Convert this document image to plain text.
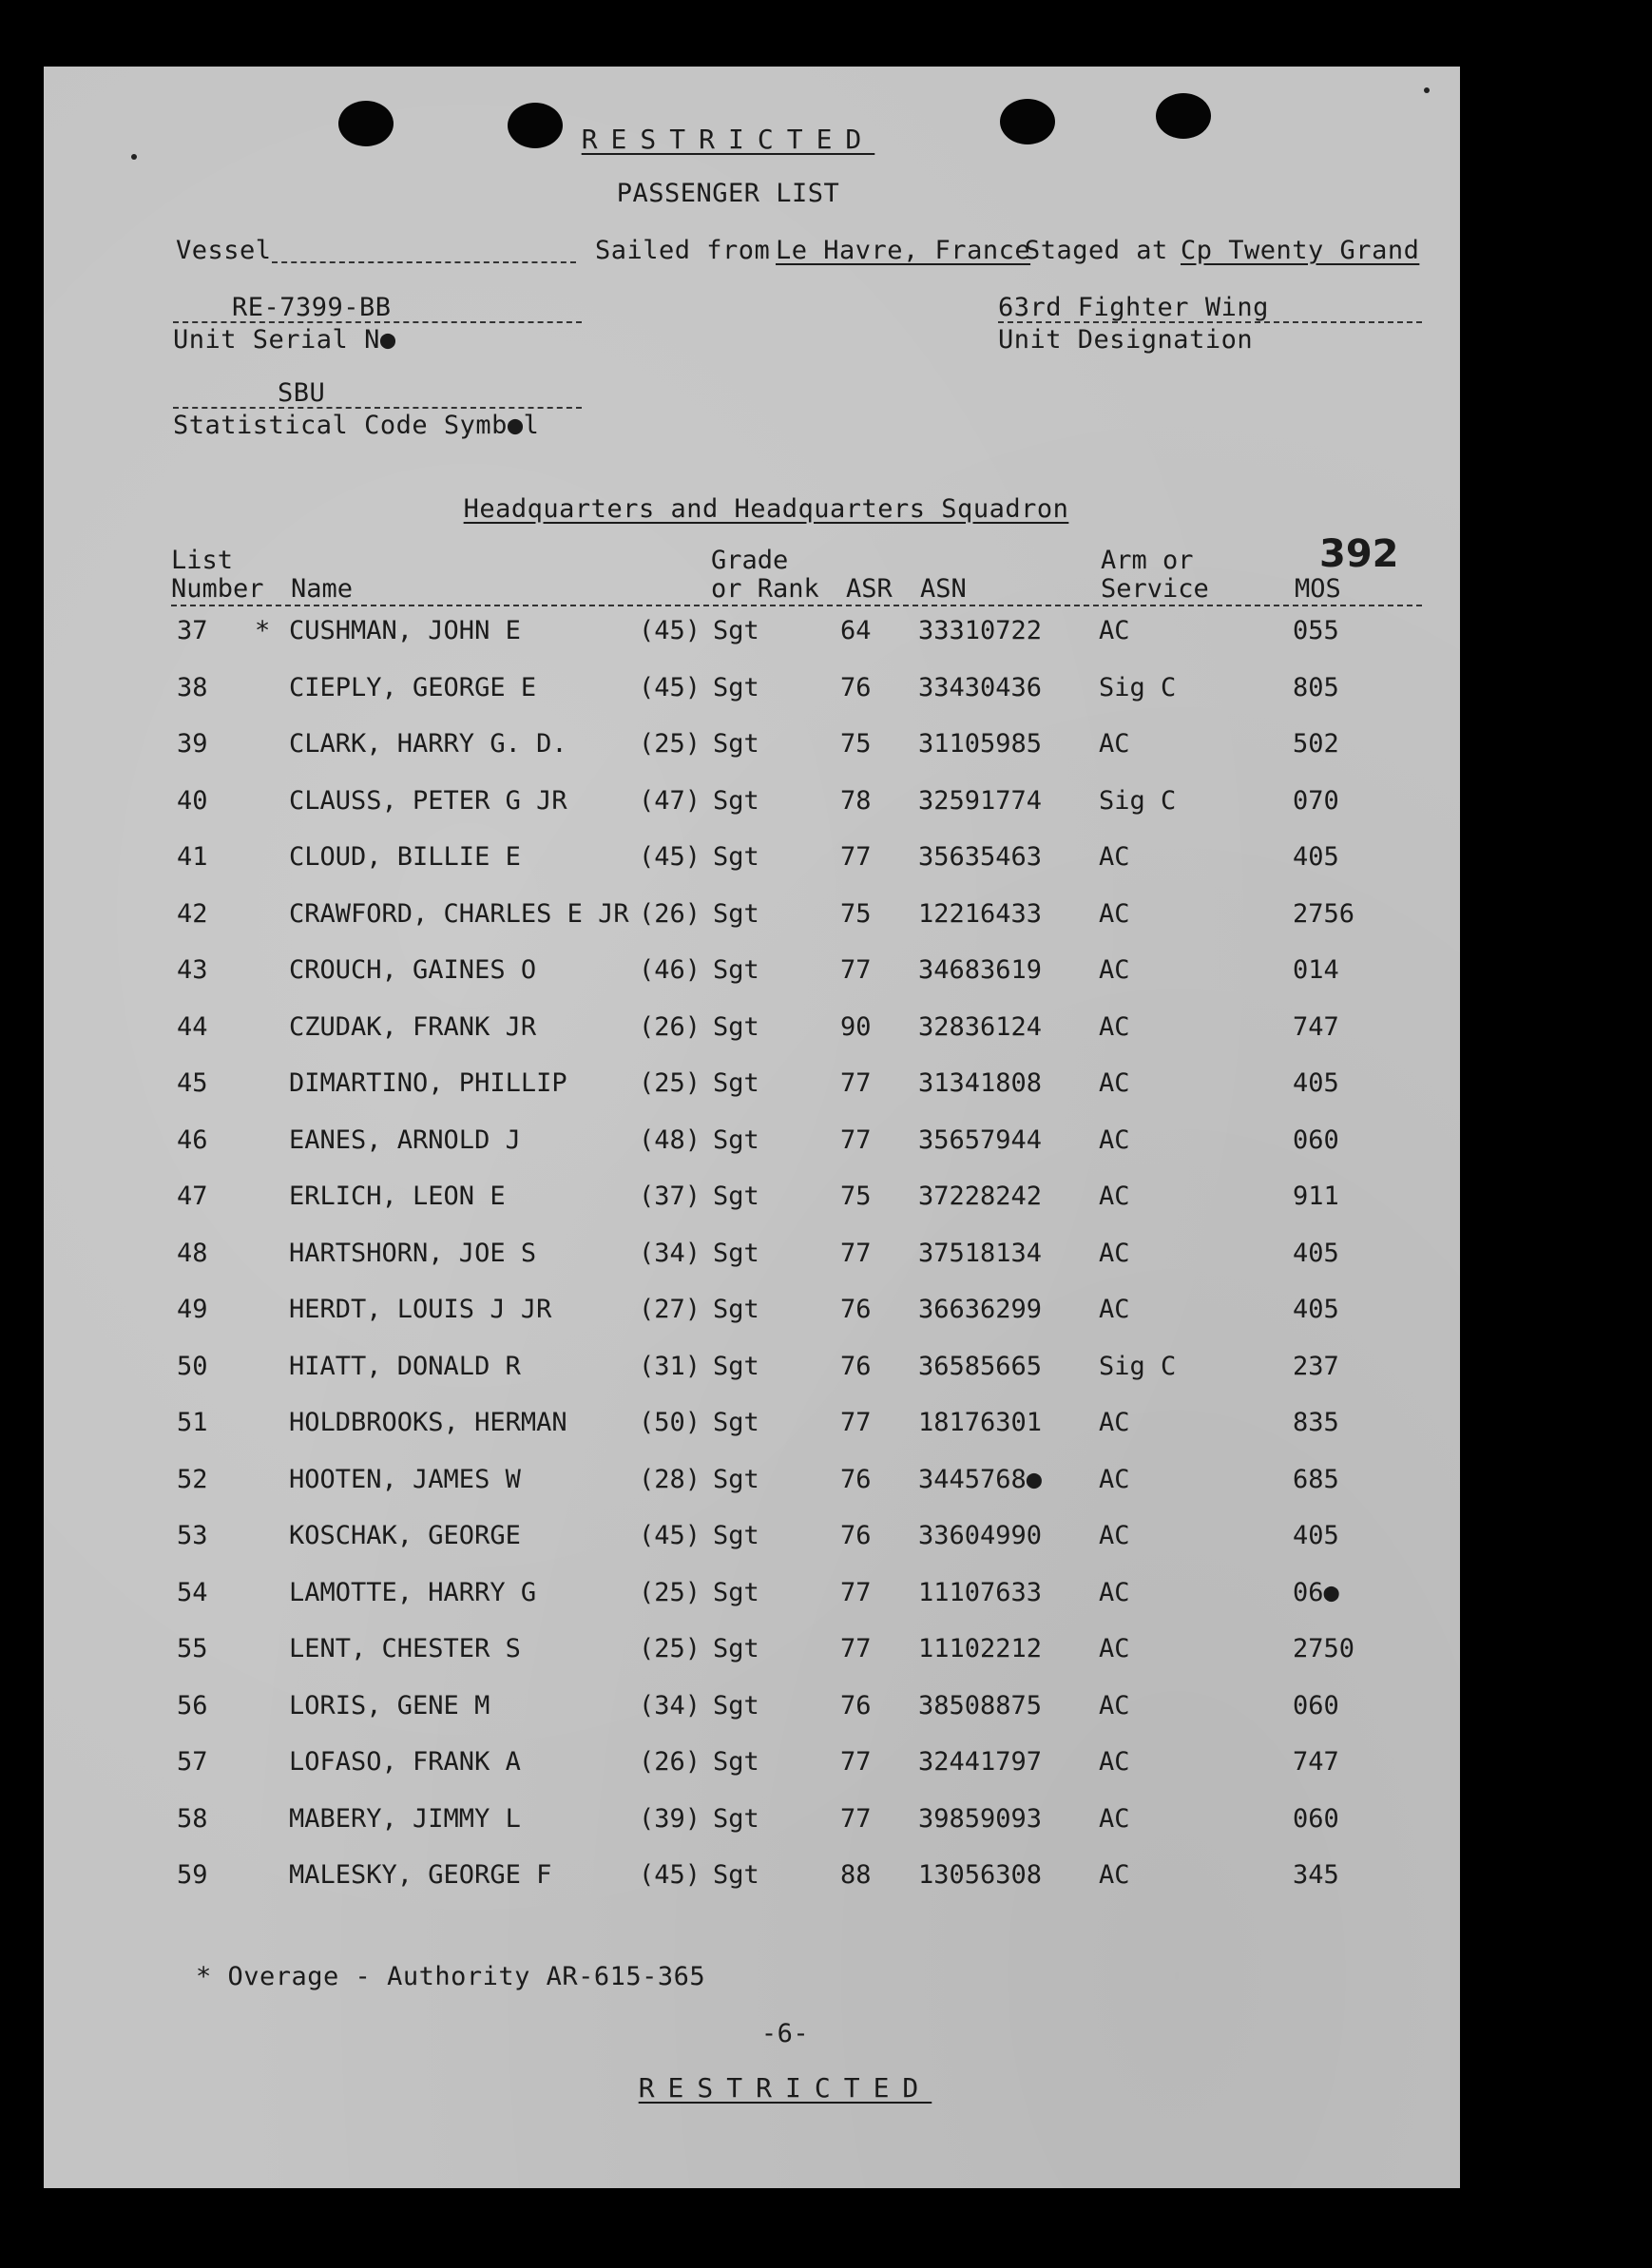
RESTRICTED
PASSENGER LIST
Vessel	Sailed from Le Havre, France
Staged at Cp Twenty Grand
RE-7399-BB
Unit Serial N●
63rd Fighter Wing
Unit Designation
SBU
Statistical Code Symb●l
Headquarters and Headquarters Squadron
392
List
Number Name
Grade
or Rank ASR ASN
Arm or
Service	MOS
37 * CUSHMAN, JOHN E	(45) Sgt	64 33310722 AC	055
38	CIEPLY, GEORGE E	(45) Sgt	76 33430436 Sig C	805
39	CLARK, HARRY G. D.	(25) Sgt	75 31105985 AC	502
40	CLAUSS, PETER G JR	(47) Sgt	78 32591774 Sig C	070
41	CLOUD, BILLIE E	(45) Sgt	77 35635463 AC	405
42	CRAWFORD, CHARLES E JR (26) Sgt	75 12216433 AC	2756
43	CROUCH, GAINES O	(46) Sgt	77 34683619 AC	014
44	CZUDAK, FRANK JR	(26) Sgt	90 32836124 AC	747
45	DIMARTINO, PHILLIP	(25) Sgt	77 31341808 AC	405
46	EANES, ARNOLD J	(48) Sgt	77 35657944 AC	060
47	ERLICH, LEON E	(37) Sgt	75 37228242 AC	911
48	HARTSHORN, JOE S	(34) Sgt	77 37518134 AC	405
49	HERDT, LOUIS J JR	(27) Sgt	76 36636299 AC	405
50	HIATT, DONALD R	(31) Sgt	76 36585665 Sig C	237
51	HOLDBROOKS, HERMAN	(50) Sgt	77 18176301 AC	835
52	HOOTEN, JAMES W	(28) Sgt	76 3445768● AC	685
53	KOSCHAK, GEORGE	(45) Sgt	76 33604990 AC	405
54	LAMOTTE, HARRY G	(25) Sgt	77 11107633 AC	06●
55	LENT, CHESTER S	(25) Sgt	77 11102212 AC	2750
56	LORIS, GENE M	(34) Sgt	76 38508875 AC	060
57	LOFASO, FRANK A	(26) Sgt	77 32441797 AC	747
58	MABERY, JIMMY L	(39) Sgt	77 39859093 AC	060
59	MALESKY, GEORGE F	(45) Sgt	88 13056308 AC	345
* Overage - Authority AR-615-365
-6-
RESTRICTED
